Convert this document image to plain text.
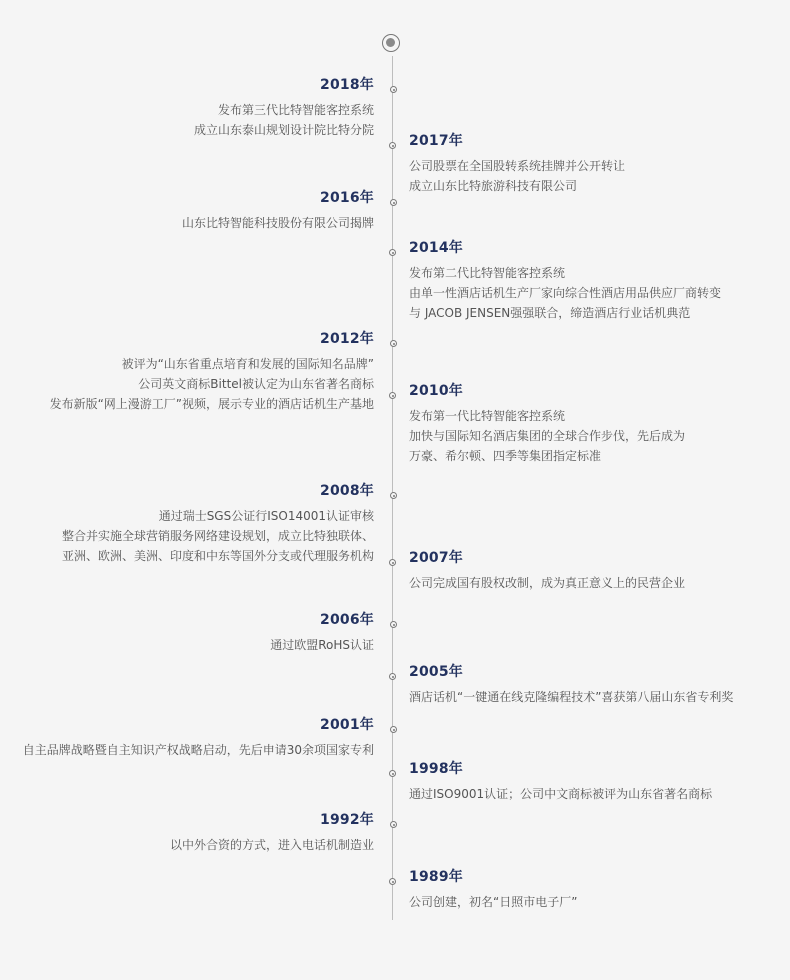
2018年
发布第三代比特智能客控系统
成立山东泰山规划设计院比特分院
2017年
公司股票在全国股转系统挂牌并公开转让
成立山东比特旅游科技有限公司
2016年
山东比特智能科技股份有限公司揭牌
2014年
发布第二代比特智能客控系统
由单一性酒店话机生产厂家向综合性酒店用品供应厂商转变
与 JACOB JENSEN强强联合，缔造酒店行业话机典范
2012年
被评为“山东省重点培育和发展的国际知名品牌”
公司英文商标Bittel被认定为山东省著名商标
发布新版“网上漫游工厂”视频，展示专业的酒店话机生产基地
2010年
发布第一代比特智能客控系统
加快与国际知名酒店集团的全球合作步伐，先后成为
万豪、希尔顿、四季等集团指定标准
2008年
通过瑞士SGS公证行ISO14001认证审核
整合并实施全球营销服务网络建设规划，成立比特独联体、
亚洲、欧洲、美洲、印度和中东等国外分支或代理服务机构	2007年
公司完成国有股权改制，成为真正意义上的民营企业
2006年
通过欧盟RoHS认证
2005年
酒店话机“一键通在线克隆编程技术”喜获第八届山东省专利奖
2001年
自主品牌战略暨自主知识产权战略启动，先后申请30余项国家专利
1998年
通过ISO9001认证；公司中文商标被评为山东省著名商标
1992年
以中外合资的方式，进入电话机制造业
1989年
公司创建，初名“日照市电子厂”
